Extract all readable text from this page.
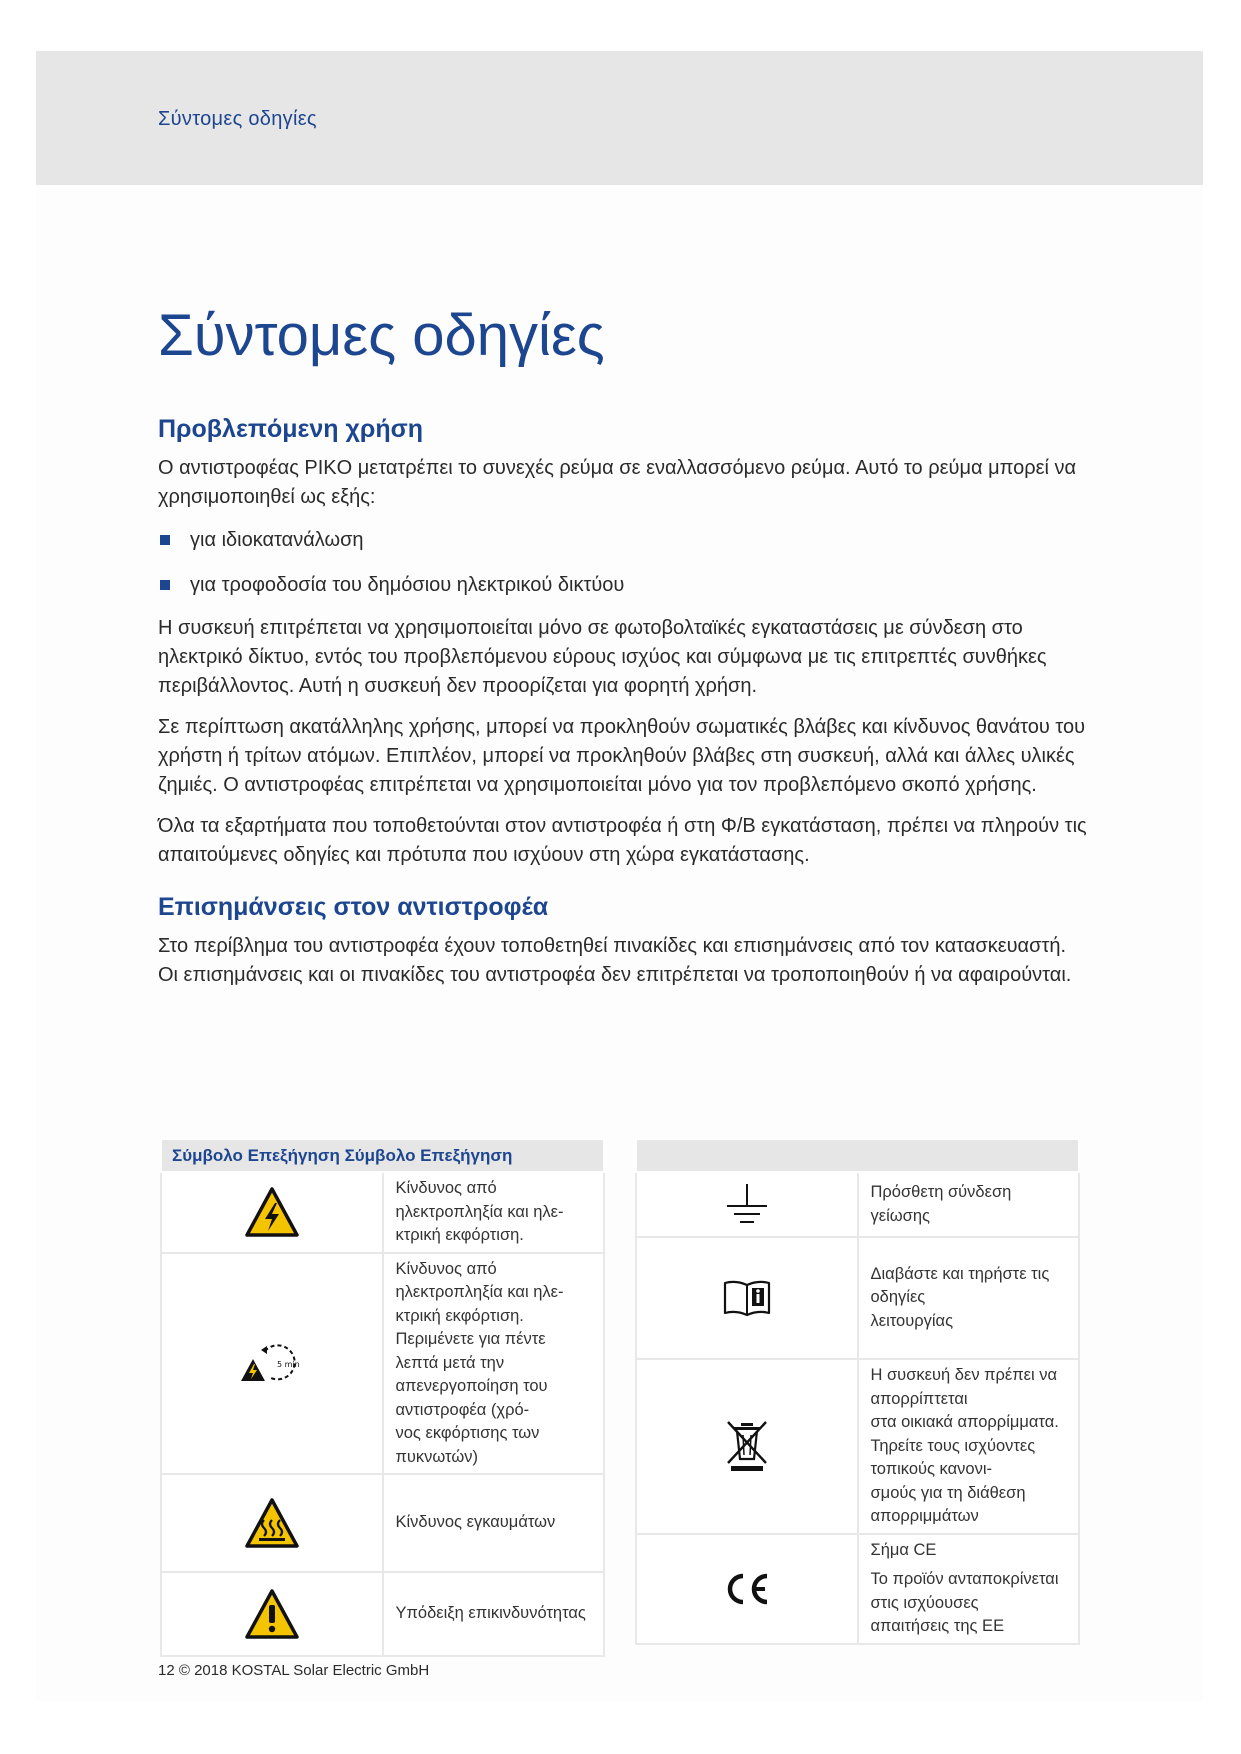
Σύντομες οδηγίες
Σύντομες οδηγίες
Προβλεπόμενη χρήση

Ο αντιστροφέας PIKO μετατρέπει το συνεχές ρεύμα σε εναλλασσόμενο ρεύμα. Αυτό το ρεύμα μπορεί να χρησιμοποιηθεί ως εξής:

για ιδιοκατανάλωση
για τροφοδοσία του δημόσιου ηλεκτρικού δικτύου

Η συσκευή επιτρέπεται να χρησιμοποιείται μόνο σε φωτοβολταϊκές εγκαταστάσεις με σύνδεση στο ηλεκτρικό δίκτυο, εντός του προβλεπόμενου εύρους ισχύος και σύμφωνα με τις επιτρεπτές συνθήκες περιβάλλοντος. Αυτή η συσκευή δεν προορίζεται για φορητή χρήση.

Σε περίπτωση ακατάλληλης χρήσης, μπορεί να προκληθούν σωματικές βλάβες και κίνδυνος θανάτου του χρήστη ή τρίτων ατόμων. Επιπλέον, μπορεί να προκληθούν βλάβες στη συσκευή, αλλά και άλλες υλικές ζημιές. Ο αντιστροφέας επιτρέπεται να χρησιμοποιείται μόνο για τον προβλεπόμενο σκοπό χρήσης.

Όλα τα εξαρτήματα που τοποθετούνται στον αντιστροφέα ή στη Φ/Β εγκατάσταση, πρέπει να πληρούν τις απαιτούμενες οδηγίες και πρότυπα που ισχύουν στη χώρα εγκατάστασης.

Επισημάνσεις στον αντιστροφέα

Στο περίβλημα του αντιστροφέα έχουν τοποθετηθεί πινακίδες και επισημάνσεις από τον κατασκευαστή.

Οι επισημάνσεις και οι πινακίδες του αντιστροφέα δεν επιτρέπεται να τροποποιηθούν ή να αφαιρούνται.

Σύμβολο Επεξήγηση Σύμβολο Επεξήγηση	

Κίνδυνος από ηλεκτροπληξία και ηλε-
κτρική εκφόρτιση.

5 min	Κίνδυνος από ηλεκτροπληξία και ηλε-
κτρική εκφόρτιση.
Περιμένετε για πέντε λεπτά μετά την
απενεργοποίηση του αντιστροφέα (χρό-
νος εκφόρτισης των πυκνωτών)

Κίνδυνος εγκαυμάτων

Υπόδειξη επικινδυνότητας

Πρόσθετη σύνδεση γείωσης

Διαβάστε και τηρήστε τις οδηγίες
λειτουργίας

Η συσκευή δεν πρέπει να απορρίπτεται
στα οικιακά απορρίμματα.
Τηρείτε τους ισχύοντες τοπικούς κανονι-
σμούς για τη διάθεση απορριμμάτων

Σήμα CE
Το προϊόν ανταποκρίνεται στις ισχύουσες
απαιτήσεις της ΕΕ
12 © 2018 KOSTAL Solar Electric GmbH
